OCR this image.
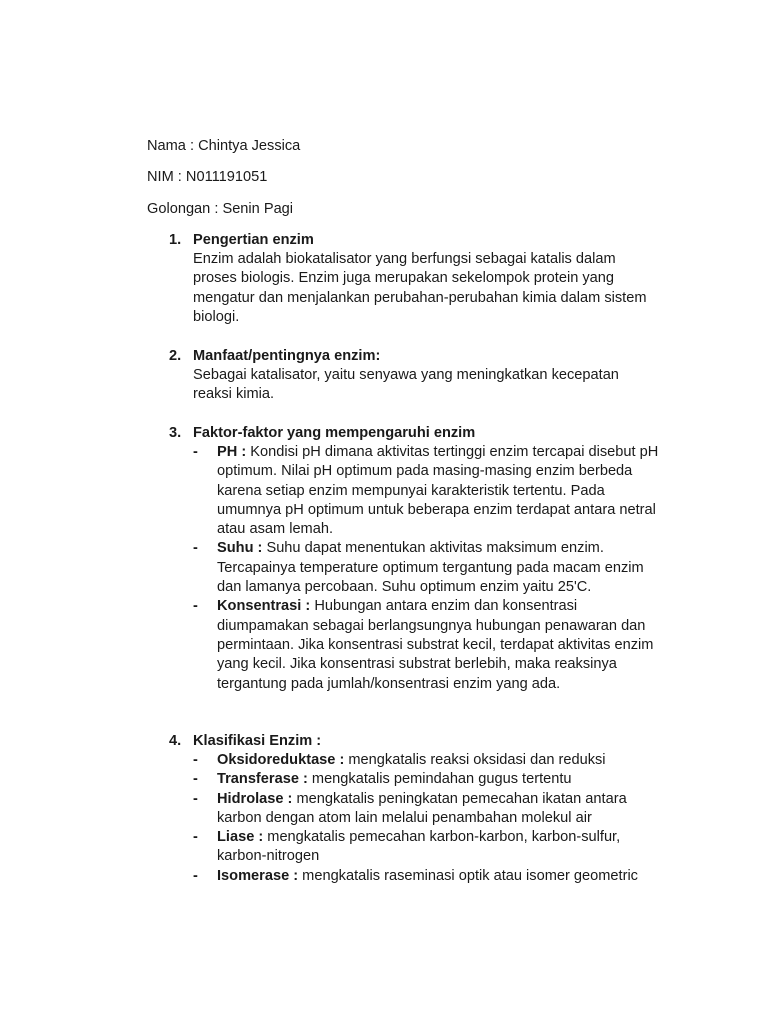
Nama : Chintya Jessica
NIM : N011191051
Golongan : Senin Pagi
1. Pengertian enzim
Enzim adalah biokatalisator yang berfungsi sebagai katalis dalam proses biologis. Enzim juga merupakan sekelompok protein yang mengatur dan menjalankan perubahan-perubahan kimia dalam sistem biologi.
2. Manfaat/pentingnya enzim:
Sebagai katalisator, yaitu senyawa yang meningkatkan kecepatan reaksi kimia.
3. Faktor-faktor yang mempengaruhi enzim
-	PH : Kondisi pH dimana aktivitas tertinggi enzim tercapai disebut pH optimum. Nilai pH optimum pada masing-masing enzim berbeda karena setiap enzim mempunyai karakteristik tertentu. Pada umumnya pH optimum untuk beberapa enzim terdapat antara netral atau asam lemah.
-	Suhu : Suhu dapat menentukan aktivitas maksimum enzim. Tercapainya temperature optimum tergantung pada macam enzim dan lamanya percobaan. Suhu optimum enzim yaitu 25'C.
-	Konsentrasi : Hubungan antara enzim dan konsentrasi diumpamakan sebagai berlangsungnya hubungan penawaran dan permintaan. Jika konsentrasi substrat kecil, terdapat aktivitas enzim yang kecil. Jika konsentrasi substrat berlebih, maka reaksinya tergantung pada jumlah/konsentrasi enzim yang ada.
4. Klasifikasi Enzim :
-	Oksidoreduktase : mengkatalis reaksi oksidasi dan reduksi
-	Transferase : mengkatalis pemindahan gugus tertentu
-	Hidrolase : mengkatalis peningkatan pemecahan ikatan antara karbon dengan atom lain melalui penambahan molekul air
-	Liase : mengkatalis pemecahan karbon-karbon, karbon-sulfur, karbon-nitrogen
-	Isomerase : mengkatalis raseminasi optik atau isomer geometric
